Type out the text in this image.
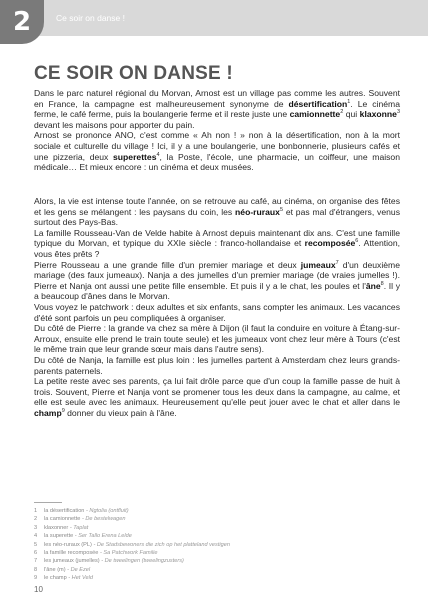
2	Ce soir on danse !
CE SOIR ON DANSE !

Dans le parc naturel régional du Morvan, Arnost est un village pas comme les autres. Souvent en France, la campagne est malheureusement synonyme de désertification$^1$. Le cinéma ferme, le café ferme, puis la boulangerie ferme et il reste juste une camionnette$^2$ qui klaxonne$^3$ devant les maisons pour apporter du pain.

Arnost se prononce ANO, c'est comme « Ah non ! » non à la désertification, non à la mort sociale et culturelle du village ! Ici, il y a une boulangerie, une bonbonnerie, plusieurs cafés et une pizzeria, deux superettes$^4$, la Poste, l'école, une pharmacie, un coiffeur, une maison médicale… Et mieux encore : un cinéma et deux musées.

Alors, la vie est intense toute l'année, on se retrouve au café, au cinéma, on organise des fêtes et les gens se mélangent : les paysans du coin, les néo-ruraux$^5$ et pas mal d'étrangers, venus surtout des Pays-Bas.

La famille Rousseau-Van de Velde habite à Arnost depuis maintenant dix ans. C'est une famille typique du Morvan, et typique du XXIe siècle : franco-hollandaise et recomposée$^6$. Attention, vous êtes prêts ?

Pierre Rousseau a une grande fille d'un premier mariage et deux jumeaux$^7$ d'un deuxième mariage (des faux jumeaux). Nanja a des jumelles d'un premier mariage (de vraies jumelles !). Pierre et Nanja ont aussi une petite fille ensemble. Et puis il y a le chat, les poules et l'âne$^8$. Il y a beaucoup d'ânes dans le Morvan.

Vous voyez le patchwork : deux adultes et six enfants, sans compter les animaux. Les vacances d'été sont parfois un peu compliquées à organiser.

Du côté de Pierre : la grande va chez sa mère à Dijon (il faut la conduire en voiture à Étang-sur-Arroux, ensuite elle prend le train toute seule) et les jumeaux vont chez leur mère à Tours (c'est le même train que leur grande sœur mais dans l'autre sens).

Du côté de Nanja, la famille est plus loin : les jumelles partent à Amsterdam chez leurs grands-parents paternels.

La petite reste avec ses parents, ça lui fait drôle parce que d'un coup la famille passe de huit à trois. Souvent, Pierre et Nanja vont se promener tous les deux dans la campagne, au calme, et elle est seule avec les animaux. Heureusement qu'elle peut jouer avec le chat et aller dans le champ$^9$ donner du vieux pain à l'âne.

1	la désertification - Ngtolia (ontfluit)
2	la camionnette - De bestelwagen
3	klaxonner - Taplat
4	la superette - Ser Tallo Erena Lelde
5	les néo-ruraux (PL) - De Stadsbewoners die zich op het platteland vestigen
6	la famille recomposée - Sa Patchwork Familie
7	les jumeaux (jumelles) - De tweelingen (tweelingzusters)
8	l'âne (m) - De Ezel
9	le champ - Het Veld
10
